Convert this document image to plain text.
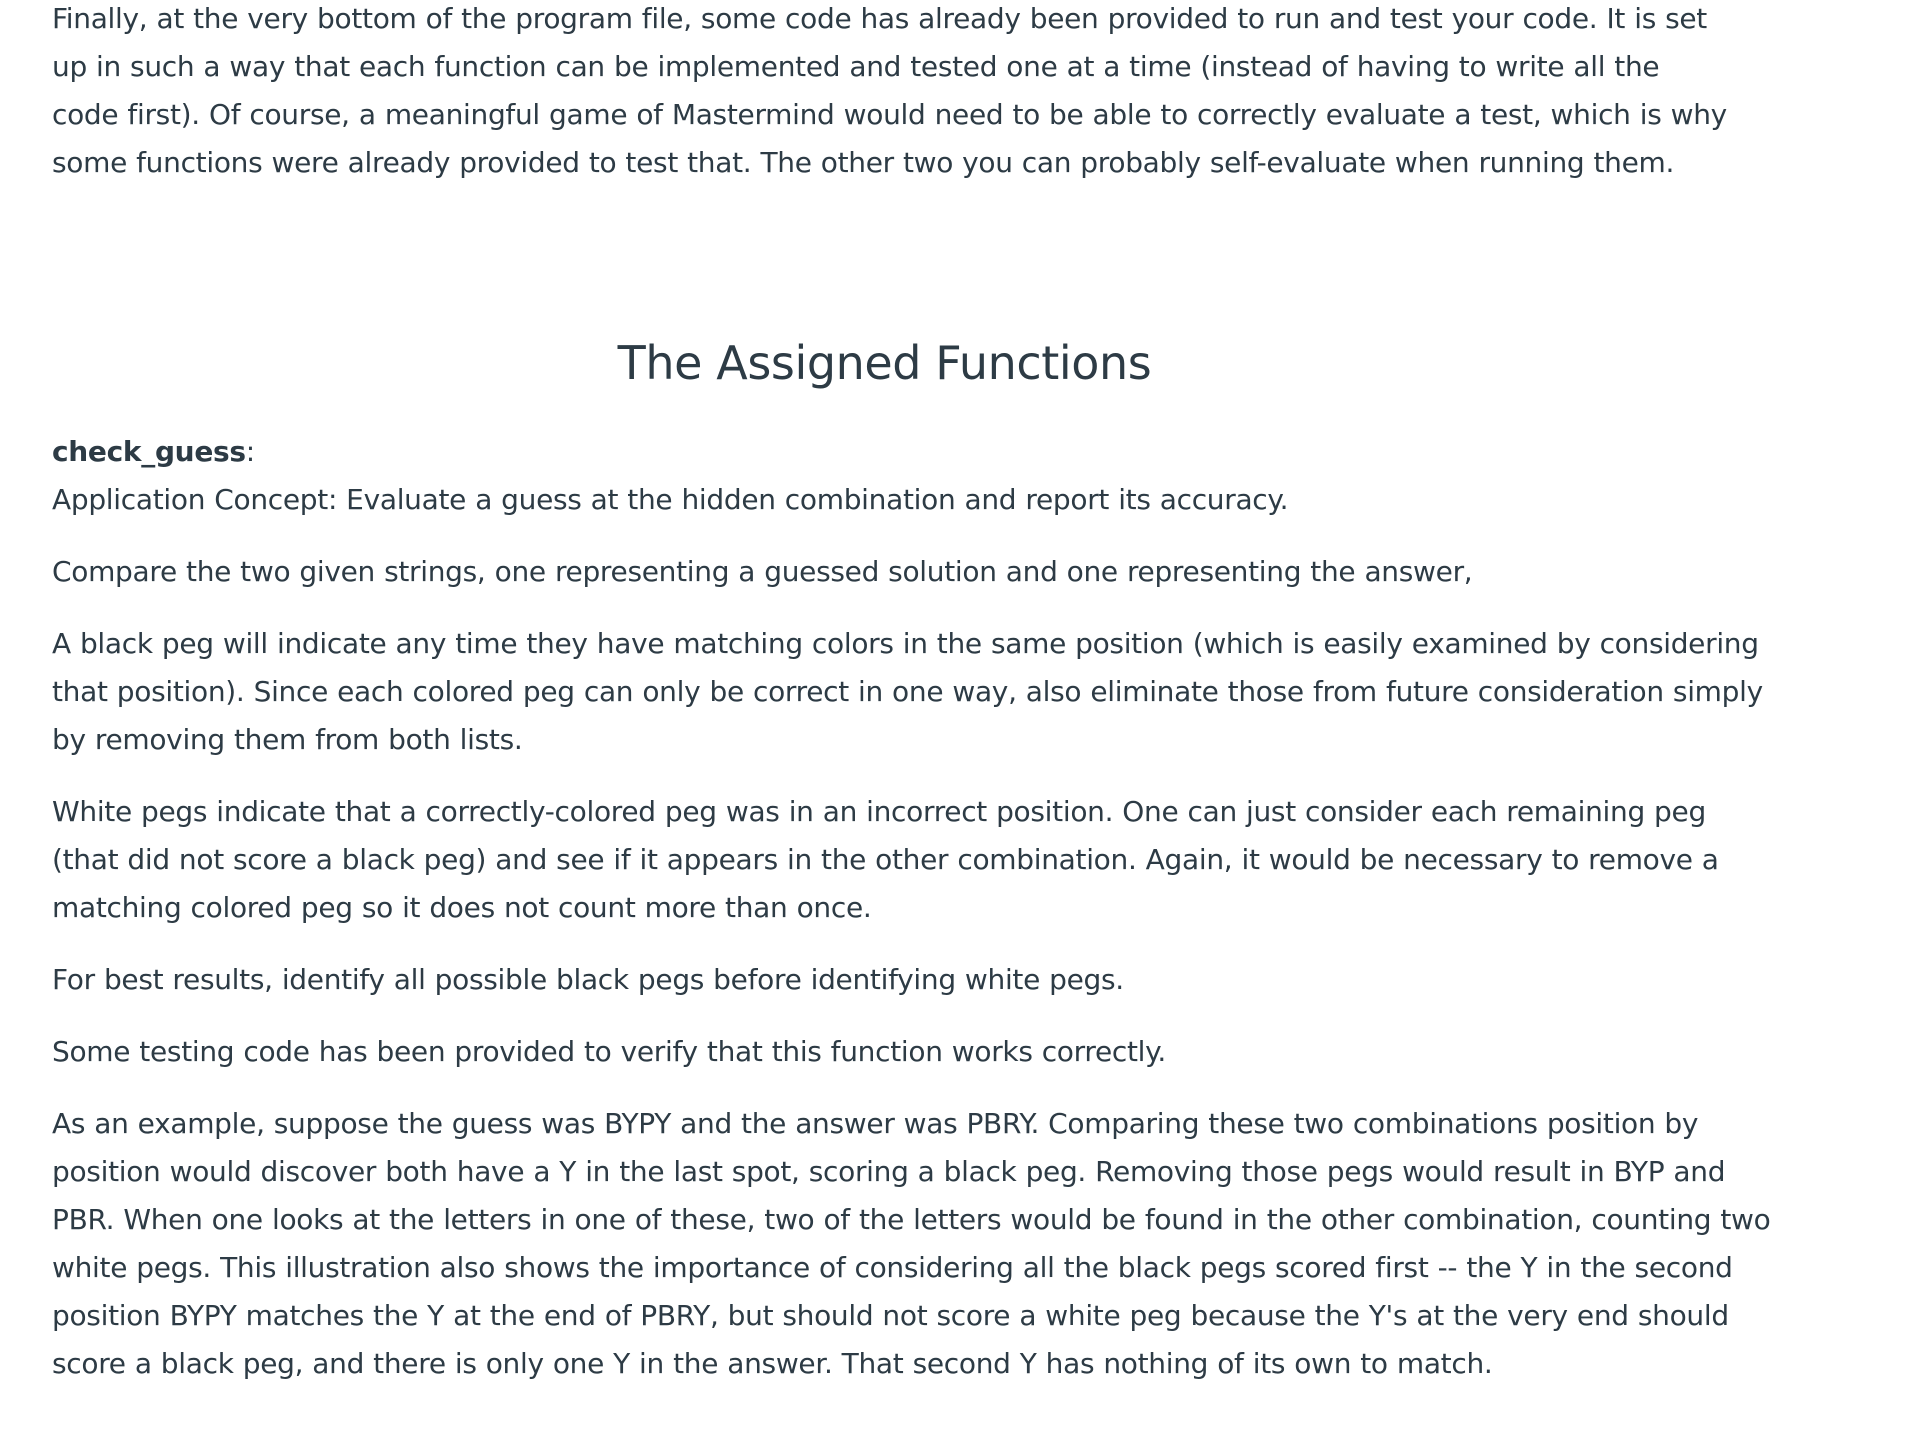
Finally, at the very bottom of the program file, some code has already been provided to run and test your code. It is set up in such a way that each function can be implemented and tested one at a time (instead of having to write all the code first). Of course, a meaningful game of Mastermind would need to be able to correctly evaluate a test, which is why some functions were already provided to test that. The other two you can probably self-evaluate when running them.

The Assigned Functions

check_guess:

Application Concept: Evaluate a guess at the hidden combination and report its accuracy.

Compare the two given strings, one representing a guessed solution and one representing the answer,

A black peg will indicate any time they have matching colors in the same position (which is easily examined by considering that position). Since each colored peg can only be correct in one way, also eliminate those from future consideration simply by removing them from both lists.

White pegs indicate that a correctly-colored peg was in an incorrect position. One can just consider each remaining peg (that did not score a black peg) and see if it appears in the other combination. Again, it would be necessary to remove a matching colored peg so it does not count more than once.

For best results, identify all possible black pegs before identifying white pegs.

Some testing code has been provided to verify that this function works correctly.

As an example, suppose the guess was BYPY and the answer was PBRY. Comparing these two combinations position by position would discover both have a Y in the last spot, scoring a black peg. Removing those pegs would result in BYP and PBR. When one looks at the letters in one of these, two of the letters would be found in the other combination, counting two white pegs. This illustration also shows the importance of considering all the black pegs scored first -- the Y in the second position BYPY matches the Y at the end of PBRY, but should not score a white peg because the Y's at the very end should score a black peg, and there is only one Y in the answer. That second Y has nothing of its own to match.
